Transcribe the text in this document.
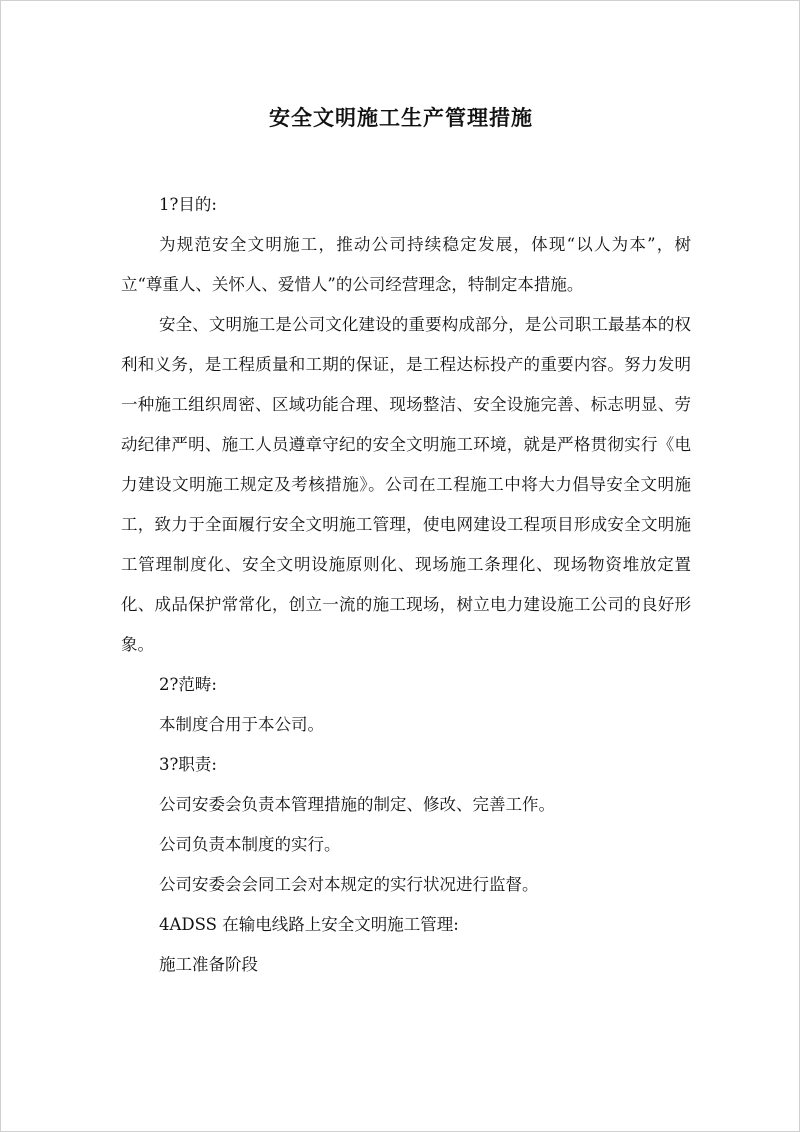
安全文明施工生产管理措施
1?目的:
为规范安全文明施工，推动公司持续稳定发展，体现“以人为本”，树立“尊重人、关怀人、爱惜人”的公司经营理念，特制定本措施。
安全、文明施工是公司文化建设的重要构成部分，是公司职工最基本的权利和义务，是工程质量和工期的保证，是工程达标投产的重要内容。努力发明一种施工组织周密、区域功能合理、现场整洁、安全设施完善、标志明显、劳动纪律严明、施工人员遵章守纪的安全文明施工环境，就是严格贯彻实行《电力建设文明施工规定及考核措施》。公司在工程施工中将大力倡导安全文明施工，致力于全面履行安全文明施工管理，使电网建设工程项目形成安全文明施工管理制度化、安全文明设施原则化、现场施工条理化、现场物资堆放定置化、成品保护常常化，创立一流的施工现场，树立电力建设施工公司的良好形象。
2?范畴:
本制度合用于本公司。
3?职责:
公司安委会负责本管理措施的制定、修改、完善工作。
公司负责本制度的实行。
公司安委会会同工会对本规定的实行状况进行监督。
4ADSS 在输电线路上安全文明施工管理:
施工准备阶段
